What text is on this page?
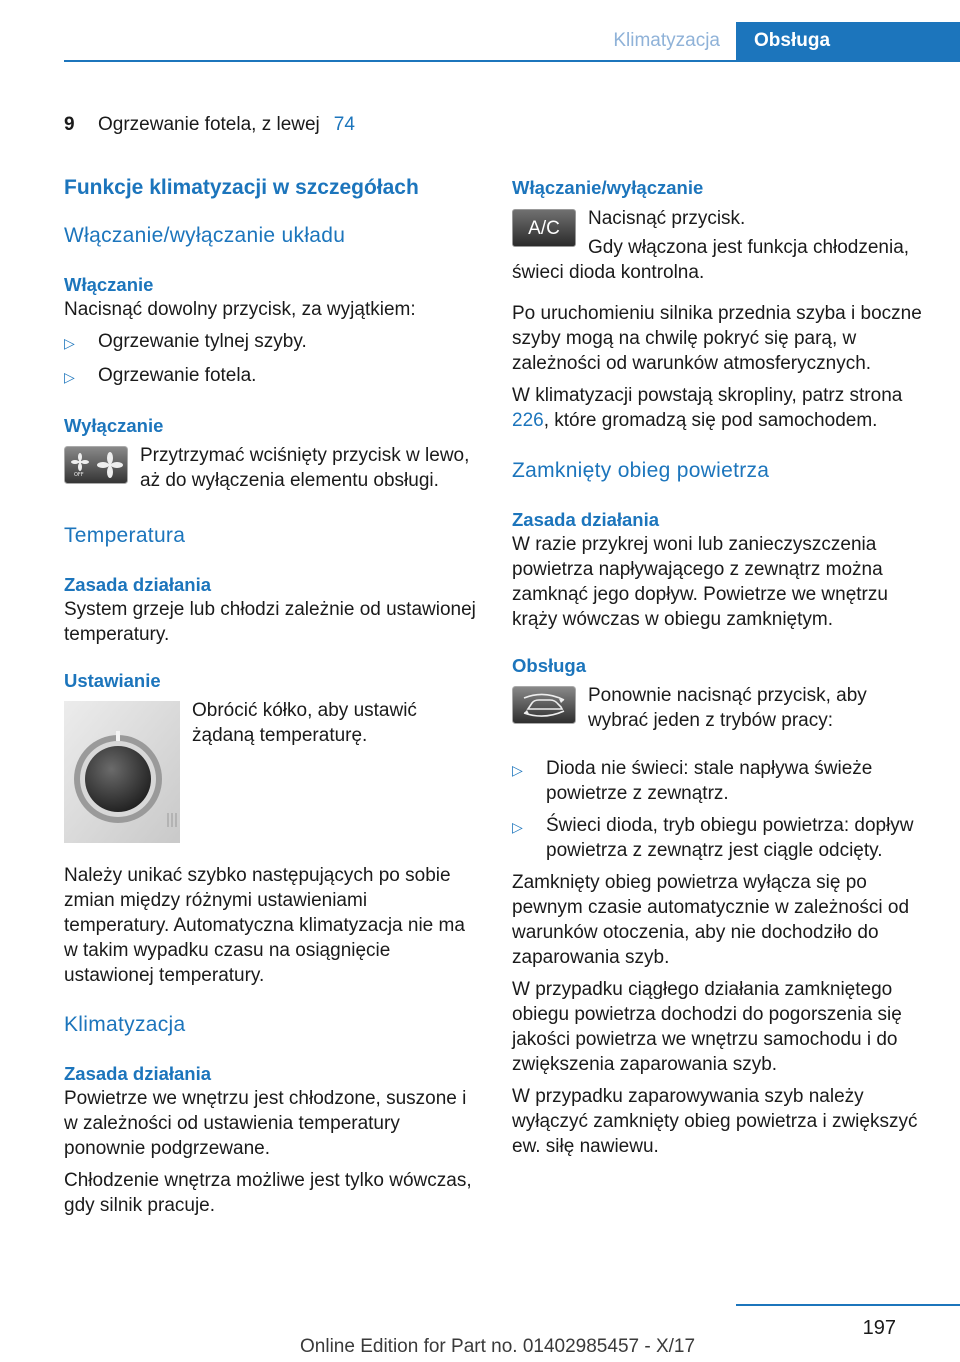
Klimatyzacja	Obsługa
9	Ogrzewanie fotela, z lewej 74
Funkcje klimatyzacji w szczegółach
Włączanie/wyłączanie układu
Włączanie

Nacisnąć dowolny przycisk, za wyjątkiem:

▷	Ogrzewanie tylnej szyby.
▷	Ogrzewanie fotela.
Wyłączanie
OFF
Przytrzymać wciśnięty przycisk w lewo, aż do wyłączenia elementu obsługi.
Temperatura
Zasada działania

System grzeje lub chłodzi zależnie od ustawionej temperatury.

Ustawianie
Obrócić kółko, aby ustawić żądaną temperaturę.

Należy unikać szybko następujących po sobie zmian między różnymi ustawieniami temperatury. Automatyczna klimatyzacja nie ma w takim wypadku czasu na osiągnięcie ustawionej temperatury.

Klimatyzacja
Zasada działania

Powietrze we wnętrzu jest chłodzone, suszone i w zależności od ustawienia temperatury ponownie podgrzewane.

Chłodzenie wnętrza możliwe jest tylko wówczas, gdy silnik pracuje.

Włączanie/wyłączanie
A/C	Nacisnąć przycisk.

Gdy włączona jest funkcja chłodzenia, świeci dioda kontrolna.

Po uruchomieniu silnika przednia szyba i boczne szyby mogą na chwilę pokryć się parą, w zależności od warunków atmosferycznych.

W klimatyzacji powstają skropliny, patrz strona 226, które gromadzą się pod samochodem.

Zamknięty obieg powietrza
Zasada działania

W razie przykrej woni lub zanieczyszczenia powietrza napływającego z zewnątrz można zamknąć jego dopływ. Powietrze we wnętrzu krąży wówczas w obiegu zamkniętym.

Obsługa
Ponownie nacisnąć przycisk, aby wybrać jeden z trybów pracy:
▷	Dioda nie świeci: stale napływa świeże powietrze z zewnątrz.
▷	Świeci dioda, tryb obiegu powietrza: dopływ powietrza z zewnątrz jest ciągle odcięty.

Zamknięty obieg powietrza wyłącza się po pewnym czasie automatycznie w zależności od warunków otoczenia, aby nie dochodziło do zaparowania szyb.

W przypadku ciągłego działania zamkniętego obiegu powietrza dochodzi do pogorszenia się jakości powietrza we wnętrzu samochodu i do zwiększenia zaparowania szyb.

W przypadku zaparowywania szyb należy wyłączyć zamknięty obieg powietrza i zwiększyć ew. siłę nawiewu.

197
Online Edition for Part no. 01402985457 - X/17
